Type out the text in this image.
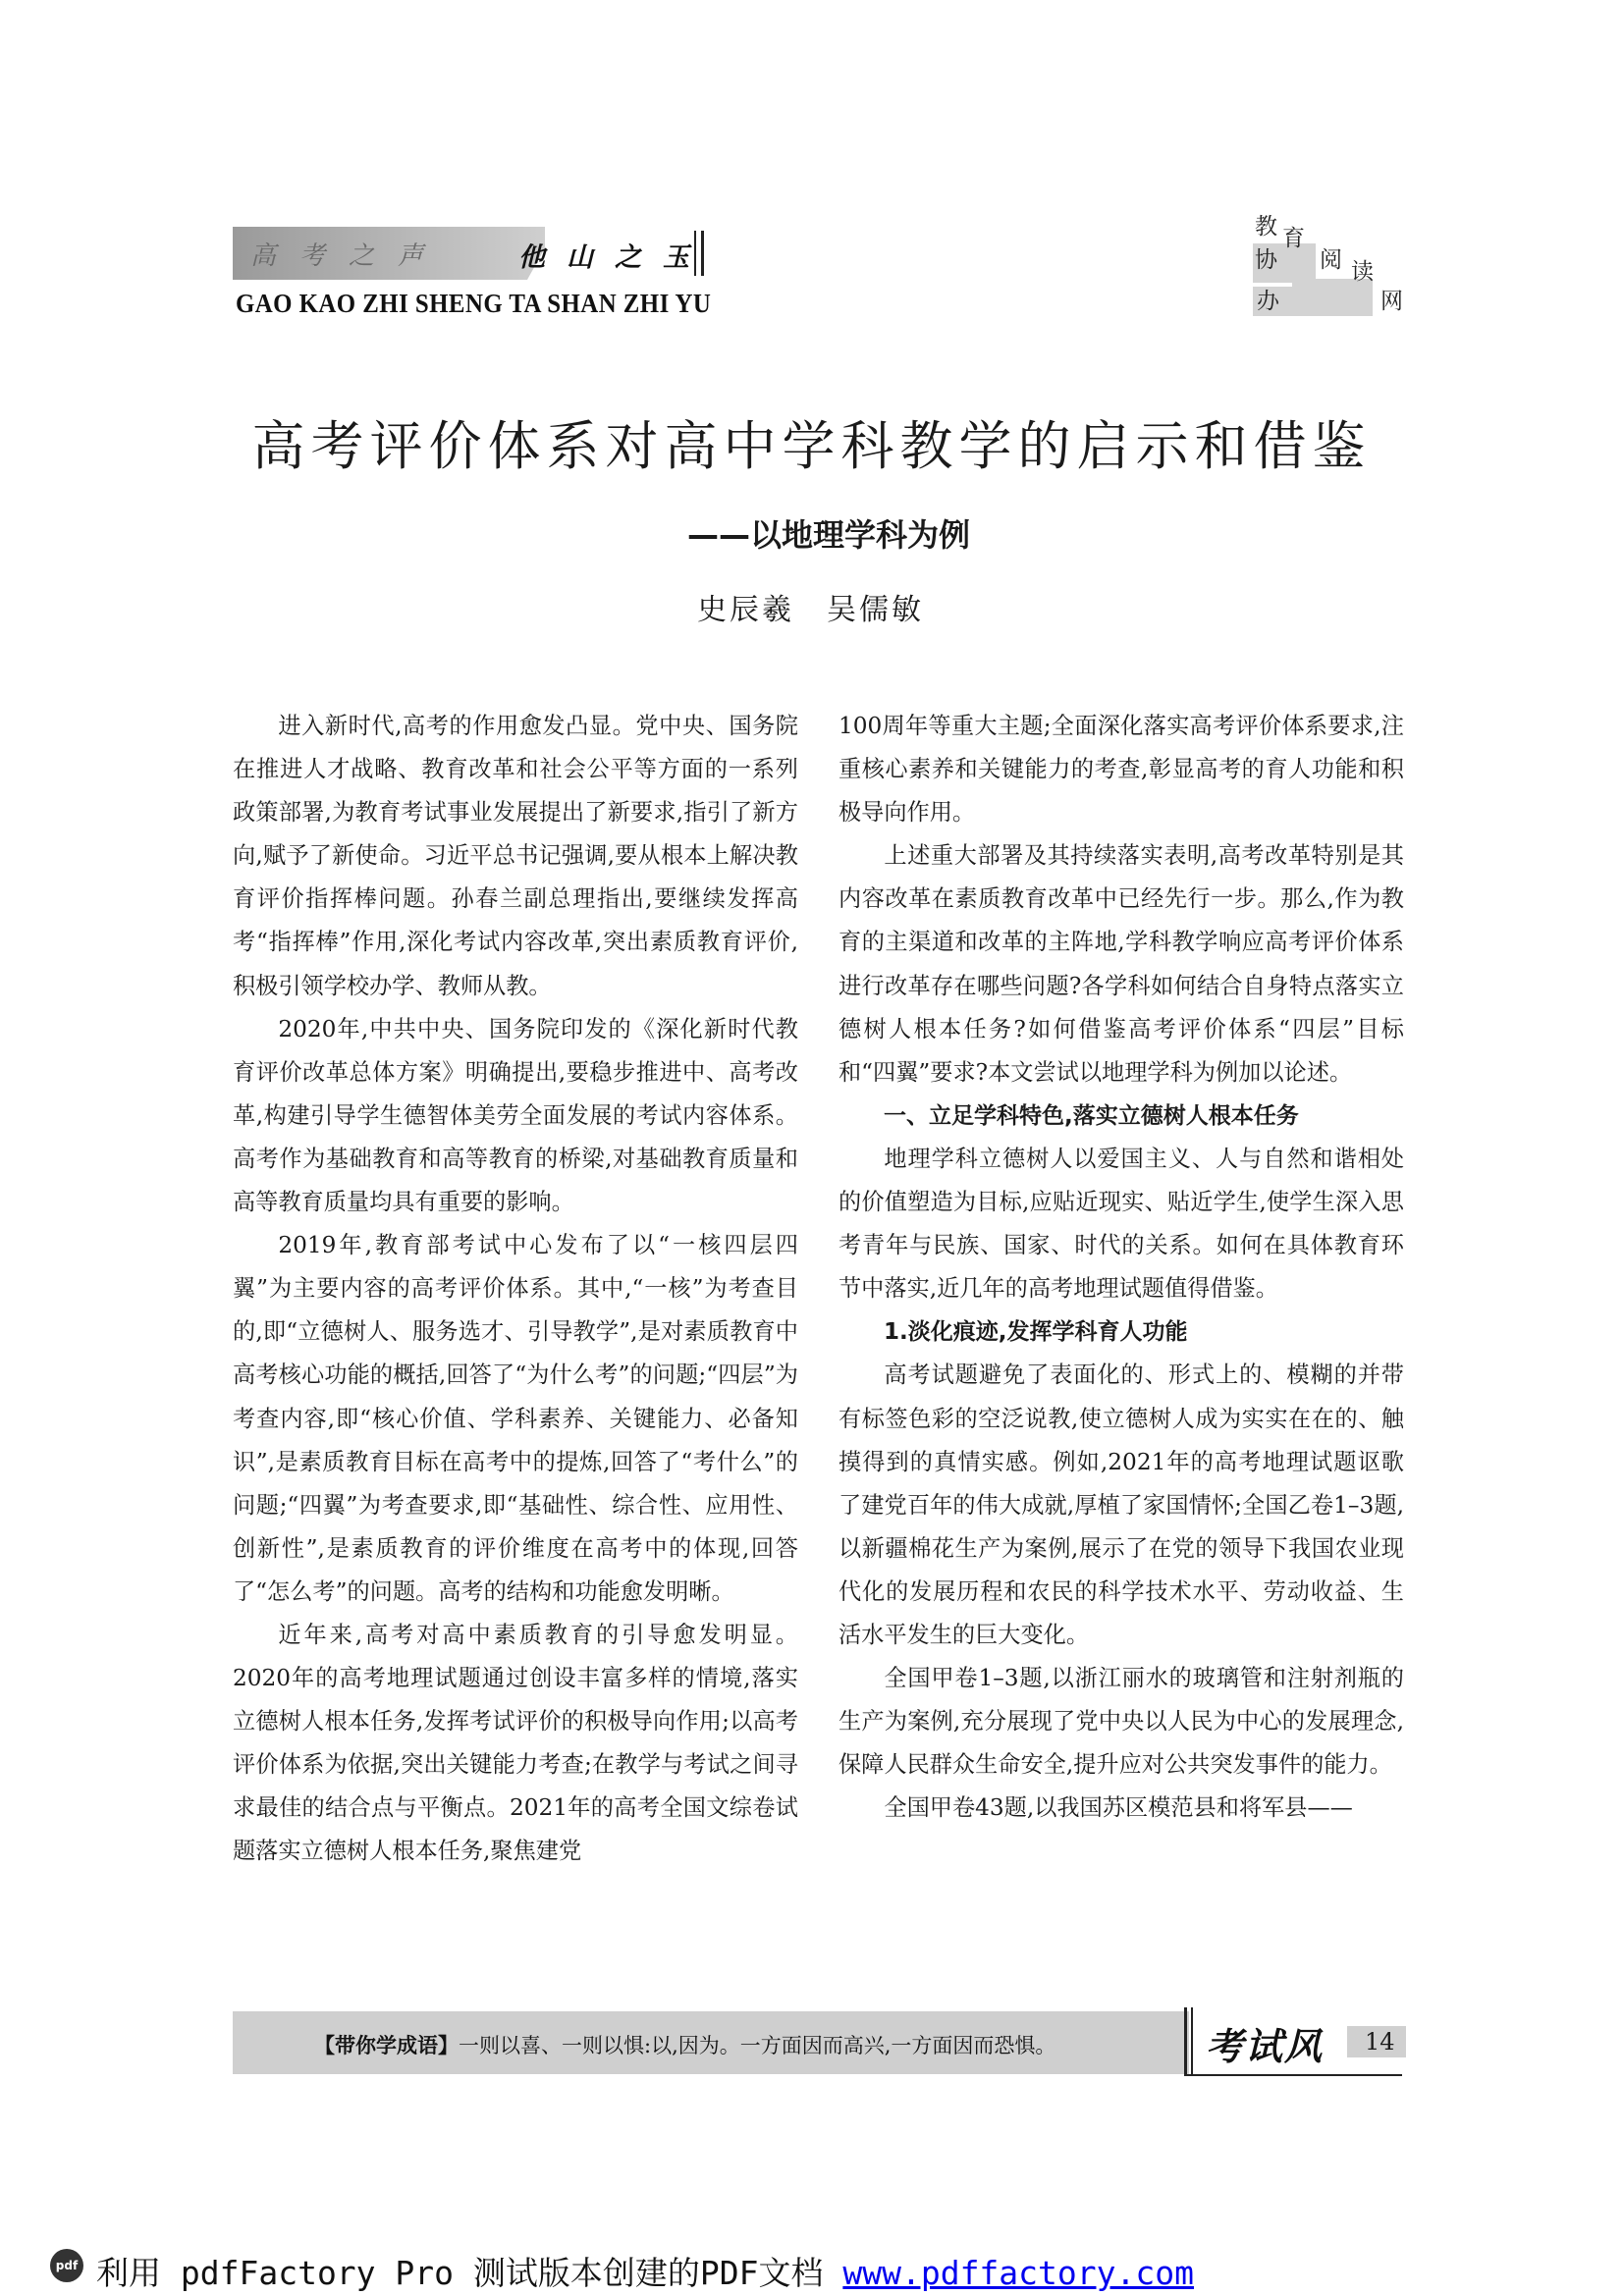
高考之声	他山之玉
GAO KAO ZHI SHENG TA SHAN ZHI YU
教 育
协 阅 读
办	网
高考评价体系对高中学科教学的启示和借鉴
——以地理学科为例
史辰羲　吴儒敏

进入新时代,高考的作用愈发凸显。党中央、国务院在推进人才战略、教育改革和社会公平等方面的一系列政策部署,为教育考试事业发展提出了新要求,指引了新方向,赋予了新使命。习近平总书记强调,要从根本上解决教育评价指挥棒问题。孙春兰副总理指出,要继续发挥高考“指挥棒”作用,深化考试内容改革,突出素质教育评价,积极引领学校办学、教师从教。

2020年,中共中央、国务院印发的《深化新时代教育评价改革总体方案》明确提出,要稳步推进中、高考改革,构建引导学生德智体美劳全面发展的考试内容体系。高考作为基础教育和高等教育的桥梁,对基础教育质量和高等教育质量均具有重要的影响。

2019年,教育部考试中心发布了以“一核四层四翼”为主要内容的高考评价体系。其中,“一核”为考查目的,即“立德树人、服务选才、引导教学”,是对素质教育中高考核心功能的概括,回答了“为什么考”的问题;“四层”为考查内容,即“核心价值、学科素养、关键能力、必备知识”,是素质教育目标在高考中的提炼,回答了“考什么”的问题;“四翼”为考查要求,即“基础性、综合性、应用性、创新性”,是素质教育的评价维度在高考中的体现,回答了“怎么考”的问题。高考的结构和功能愈发明晰。

近年来,高考对高中素质教育的引导愈发明显。2020年的高考地理试题通过创设丰富多样的情境,落实立德树人根本任务,发挥考试评价的积极导向作用;以高考评价体系为依据,突出关键能力考查;在教学与考试之间寻求最佳的结合点与平衡点。2021年的高考全国文综卷试题落实立德树人根本任务,聚焦建党

100周年等重大主题;全面深化落实高考评价体系要求,注重核心素养和关键能力的考查,彰显高考的育人功能和积极导向作用。

上述重大部署及其持续落实表明,高考改革特别是其内容改革在素质教育改革中已经先行一步。那么,作为教育的主渠道和改革的主阵地,学科教学响应高考评价体系进行改革存在哪些问题?各学科如何结合自身特点落实立德树人根本任务?如何借鉴高考评价体系“四层”目标和“四翼”要求?本文尝试以地理学科为例加以论述。

一、立足学科特色,落实立德树人根本任务

地理学科立德树人以爱国主义、人与自然和谐相处的价值塑造为目标,应贴近现实、贴近学生,使学生深入思考青年与民族、国家、时代的关系。如何在具体教育环节中落实,近几年的高考地理试题值得借鉴。

1.淡化痕迹,发挥学科育人功能

高考试题避免了表面化的、形式上的、模糊的并带有标签色彩的空泛说教,使立德树人成为实实在在的、触摸得到的真情实感。例如,2021年的高考地理试题讴歌了建党百年的伟大成就,厚植了家国情怀;全国乙卷1–3题,以新疆棉花生产为案例,展示了在党的领导下我国农业现代化的发展历程和农民的科学技术水平、劳动收益、生活水平发生的巨大变化。

全国甲卷1–3题,以浙江丽水的玻璃管和注射剂瓶的生产为案例,充分展现了党中央以人民为中心的发展理念,保障人民群众生命安全,提升应对公共突发事件的能力。

全国甲卷43题,以我国苏区模范县和将军县——

【带你学成语】一则以喜、一则以惧:以,因为。一方面因而高兴,一方面因而恐惧。	考试风 14
pdf 利用 pdfFactory Pro 测试版本创建的PDF文档 www.pdffactory.com
